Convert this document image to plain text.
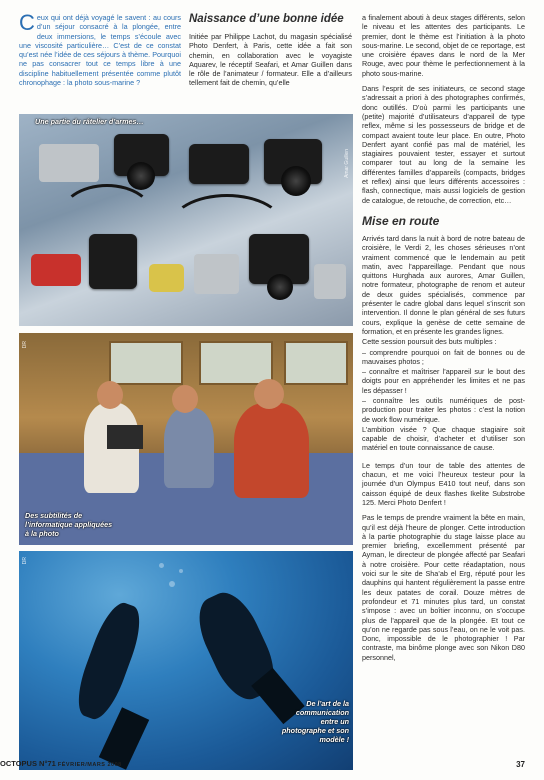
Ceux qui ont déjà voyagé le savent : au cours d’un séjour consacré à la plongée, entre deux immersions, le temps s’écoule avec une viscosité particulière… C’est de ce constat qu’est née l’idée de ces séjours à thème. Pourquoi ne pas consacrer tout ce temps libre à une discipline habituellement présentée comme plutôt chronophage : la photo sous-marine ?
Naissance d’une bonne idée

Initiée par Philippe Lachot, du magasin spécialisé Photo Denfert, à Paris, cette idée a fait son chemin, en collaboration avec le voyagiste Aquarev, le réceptif Seafari, et Amar Guillen dans le rôle de l’animateur / formateur. Elle a d’ailleurs tellement fait de chemin, qu’elle

a finalement abouti à deux stages différents, selon le niveau et les attentes des participants. Le premier, dont le thème est l’initiation à la photo sous-marine. Le second, objet de ce reportage, est une croisière épaves dans le nord de la Mer Rouge, avec pour thème le perfectionnement à la photo sous-marine.

Dans l’esprit de ses initiateurs, ce second stage s’adressait a priori à des photographes confirmés, donc outillés. D’où parmi les participants une (petite) majorité d’utilisateurs d’appareil de type reflex, même si les possesseurs de bridge et de compact avaient toute leur place. En outre, Photo Denfert ayant confié pas mal de matériel, les stagiaires pouvaient tester, essayer et surtout comparer tout au long de la semaine les différentes familles d’appareils (compacts, bridges et reflex) ainsi que leurs différents accessoires : flash, connectique, mais aussi logiciels de gestion de catalogue, de retouche, de correction, etc…

Mise en route

Arrivés tard dans la nuit à bord de notre bateau de croisière, le Verdi 2, les choses sérieuses n’ont vraiment commencé que le lendemain au petit matin, avec l’appareillage. Pendant que nous quittons Hurghada aux aurores, Amar Guillen, notre formateur, photographe de renom et auteur de deux guides spécialisés, commence par présenter le cadre global dans lequel s’inscrit son intervention. Il donne le plan général de ses futurs cours, explique la genèse de cette semaine de formation, et en présente les grandes lignes.

Cette session poursuit des buts multiples :

– comprendre pourquoi on fait de bonnes ou de mauvaises photos ;

– connaître et maîtriser l’appareil sur le bout des doigts pour en appréhender les limites et ne pas les dépasser !

– connaître les outils numériques de post-production pour traiter les photos : c’est la notion de work flow numérique.

L’ambition visée ? Que chaque stagiaire soit capable de choisir, d’acheter et d’utiliser son matériel en toute connaissance de cause.

Le temps d’un tour de table des attentes de chacun, et me voici l’heureux testeur pour la journée d’un Olympus E410 tout neuf, dans son caisson équipé de deux flashes Ikelite Substrobe 125. Merci Photo Denfert !

Pas le temps de prendre vraiment la bête en main, qu’il est déjà l’heure de plonger. Cette introduction à la partie photographie du stage laisse place au premier briefing, excellemment présenté par Ayman, le directeur de plongée affecté par Seafari à notre croisière. Pour cette réadaptation, nous voici sur le site de Sha’ab el Erg, réputé pour les dauphins qui hantent régulièrement la passe entre les deux patates de corail. Douze mètres de profondeur et 71 minutes plus tard, un constat s’impose : avec un boîtier inconnu, on s’occupe plus de l’appareil que de la plongée. Et tout ce qu’on ne regarde pas sous l’eau, on ne le voit pas. Donc, impossible de le photographier ! Par contraste, ma binôme plonge avec son Nikon D80 personnel,

Une partie du râtelier d’armes…
Amar Guillen
Des subtilités de l’informatique appliquées à la photo
DR
De l’art de la communication entre un photographe et son modèle !
DR
OCTOPUS N°71 FÉVRIER/MARS 2008	37
